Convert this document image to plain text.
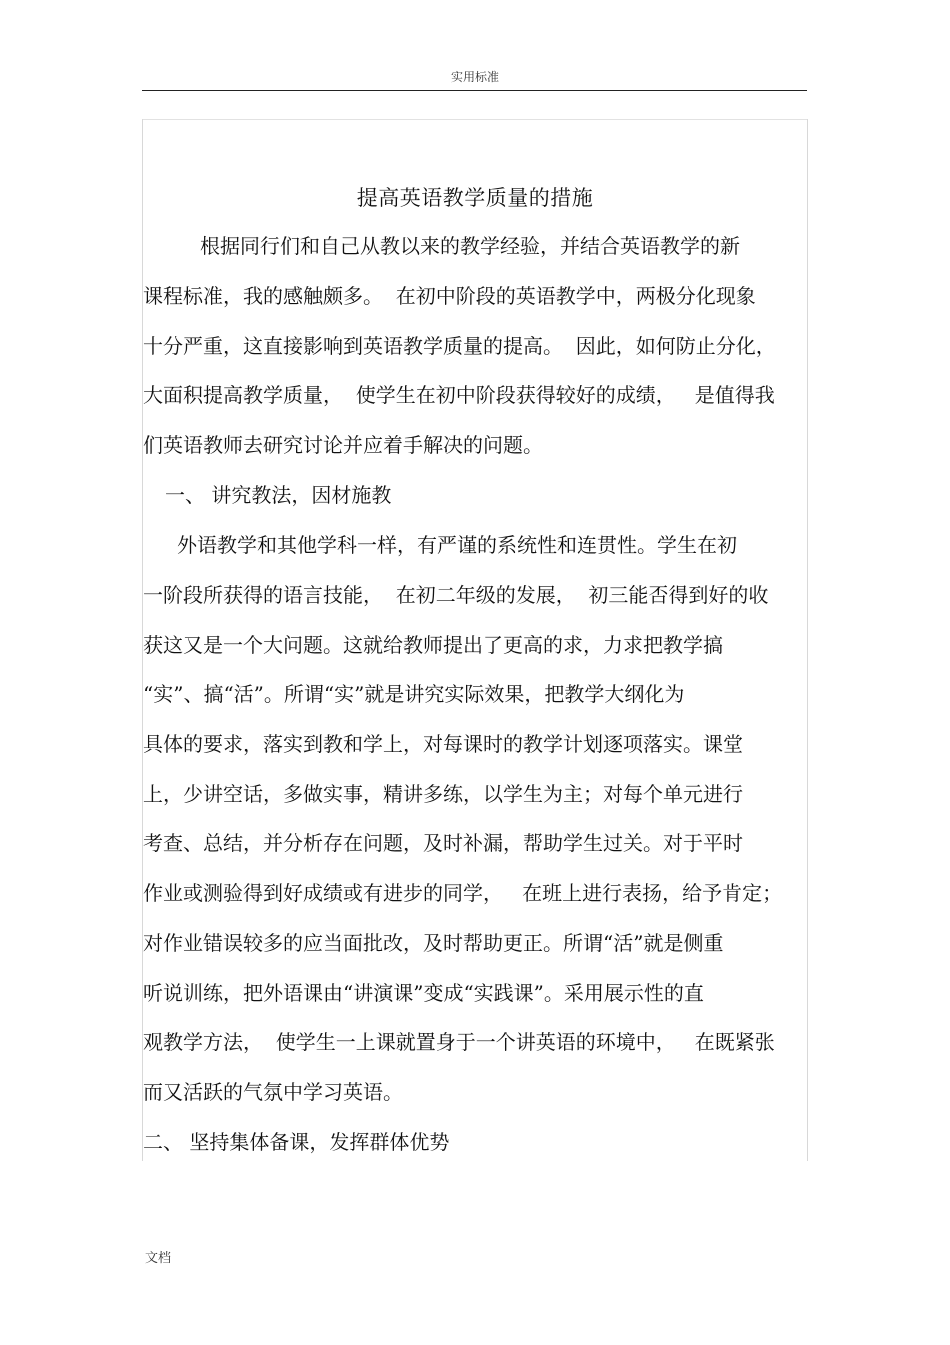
实用标准
提高英语教学质量的措施
根据同行们和自己从教以来的教学经验，并结合英语教学的新
课程标准，我的感触颇多。  在初中阶段的英语教学中，两极分化现象
十分严重，这直接影响到英语教学质量的提高。  因此，如何防止分化，
大面积提高教学质量，  使学生在初中阶段获得较好的成绩，   是值得我
们英语教师去研究讨论并应着手解决的问题。
一、 讲究教法，因材施教
外语教学和其他学科一样，有严谨的系统性和连贯性。学生在初
一阶段所获得的语言技能，  在初二年级的发展，  初三能否得到好的收
获这又是一个大问题。这就给教师提出了更高的求，力求把教学搞
“实”、搞“活”。所谓“实”就是讲究实际效果，把教学大纲化为
具体的要求，落实到教和学上，对每课时的教学计划逐项落实。课堂
上，少讲空话，多做实事，精讲多练，以学生为主；对每个单元进行
考查、总结，并分析存在问题，及时补漏，帮助学生过关。对于平时
作业或测验得到好成绩或有进步的同学，   在班上进行表扬，给予肯定；
对作业错误较多的应当面批改，及时帮助更正。所谓“活”就是侧重
听说训练，把外语课由“讲演课”变成“实践课”。采用展示性的直
观教学方法，  使学生一上课就置身于一个讲英语的环境中，   在既紧张
而又活跃的气氛中学习英语。
二、 坚持集体备课，发挥群体优势
文档
